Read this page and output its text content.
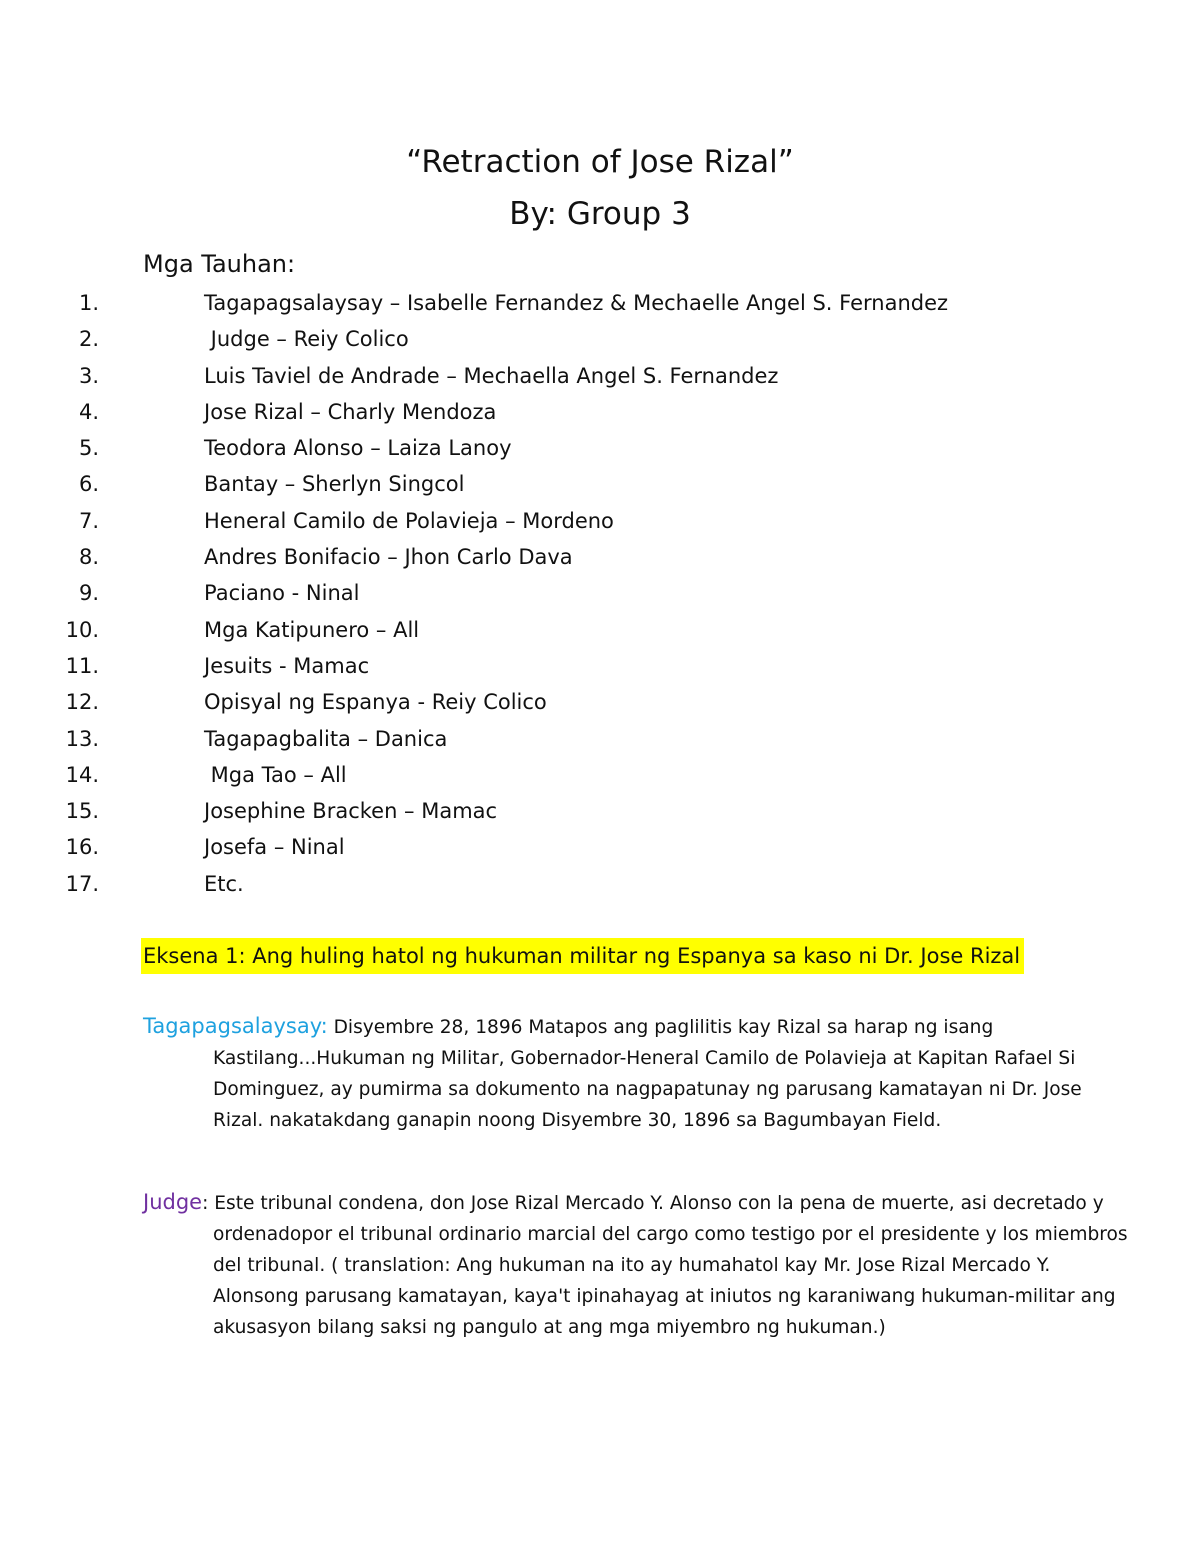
“Retraction of Jose Rizal”
By: Group 3
Mga Tauhan:
1.	Tagapagsalaysay – Isabelle Fernandez & Mechaelle Angel S. Fernandez
2.	Judge – Reiy Colico
3.	Luis Taviel de Andrade – Mechaella Angel S. Fernandez
4.	Jose Rizal – Charly Mendoza
5.	Teodora Alonso – Laiza Lanoy
6.	Bantay – Sherlyn Singcol
7.	Heneral Camilo de Polavieja – Mordeno
8.	Andres Bonifacio – Jhon Carlo Dava
9.	Paciano - Ninal
10.	Mga Katipunero – All
11.	Jesuits - Mamac
12.	Opisyal ng Espanya - Reiy Colico
13.	Tagapagbalita – Danica
14.	Mga Tao – All
15.	Josephine Bracken – Mamac
16.	Josefa – Ninal
17.	Etc.
Eksena 1: Ang huling hatol ng hukuman militar ng Espanya sa kaso ni Dr. Jose Rizal

Tagapagsalaysay: Disyembre 28, 1896 Matapos ang paglilitis kay Rizal sa harap ng isang Kastilang...Hukuman ng Militar, Gobernador-Heneral Camilo de Polavieja at Kapitan Rafael Si Dominguez, ay pumirma sa dokumento na nagpapatunay ng parusang kamatayan ni Dr. Jose Rizal. nakatakdang ganapin noong Disyembre 30, 1896 sa Bagumbayan Field.

Judge: Este tribunal condena, don Jose Rizal Mercado Y. Alonso con la pena de muerte, asi decretado y ordenadopor el tribunal ordinario marcial del cargo como testigo por el presidente y los miembros del tribunal. ( translation: Ang hukuman na ito ay humahatol kay Mr. Jose Rizal Mercado Y. Alonsong parusang kamatayan, kaya't ipinahayag at iniutos ng karaniwang hukuman-militar ang akusasyon bilang saksi ng pangulo at ang mga miyembro ng hukuman.)
